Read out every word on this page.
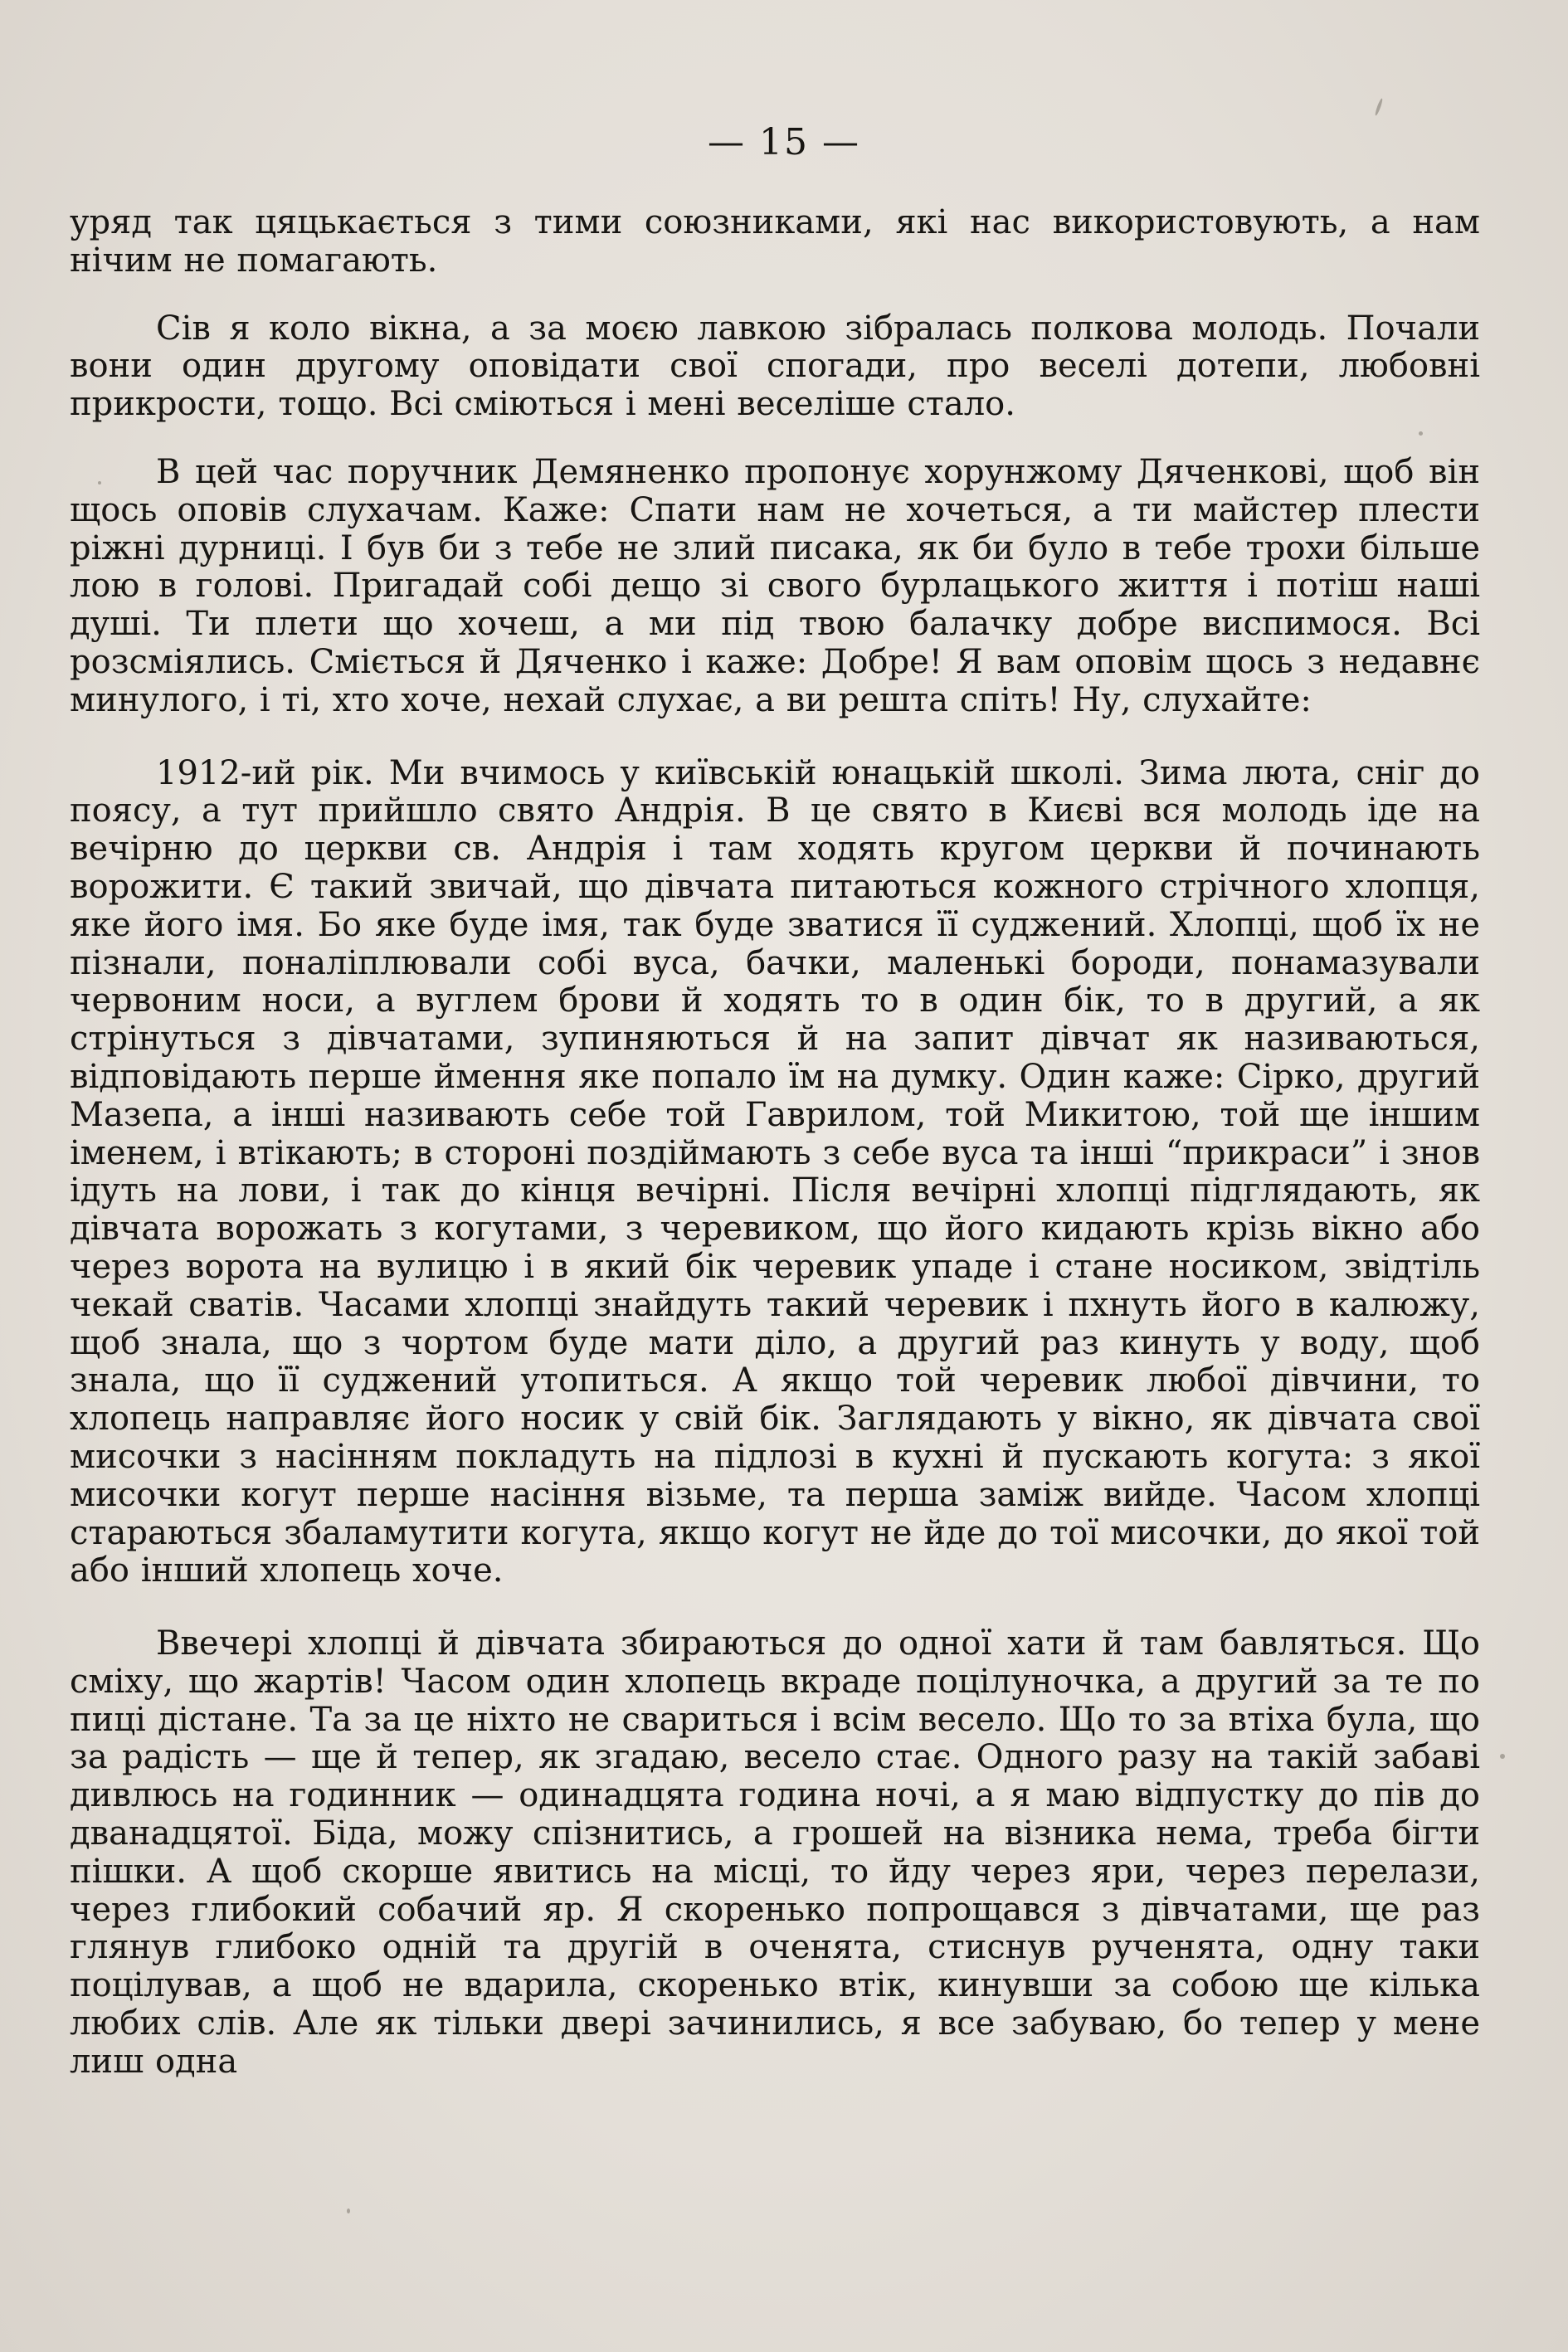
— 15 —

уряд так цяцькається з тими союзниками, які нас використовують, а нам нічим не помагають.

Сів я коло вікна, а за моєю лавкою зібралась полкова молодь. Почали вони один другому оповідати свої спогади, про веселі дотепи, любовні прикрости, тощо. Всі сміються і мені веселіше стало.

В цей час поручник Демяненко пропонує хорунжому Дяченкові, щоб він щось оповів слухачам. Каже: Спати нам не хочеться, а ти майстер плести ріжні дурниці. І був би з тебе не злий писака, як би було в тебе трохи більше лою в голові. Пригадай собі дещо зі свого бурлацького життя і потіш наші душі. Ти плети що хочеш, а ми під твою балачку добре виспимося. Всі розсміялись. Сміється й Дяченко і каже: Добре! Я вам оповім щось з недавнє минулого, і ті, хто хоче, нехай слухає, а ви решта спіть! Ну, слухайте:

1912-ий рік. Ми вчимось у київській юнацькій школі. Зима люта, сніг до поясу, а тут прийшло свято Андрія. В це свято в Києві вся молодь іде на вечірню до церкви св. Андрія і там ходять кругом церкви й починають ворожити. Є такий звичай, що дівчата питаються кожного стрічного хлопця, яке його імя. Бо яке буде імя, так буде зватися її суджений. Хлопці, щоб їх не пізнали, поналіплювали собі вуса, бачки, маленькі бороди, понамазували червоним носи, а вуглем брови й ходять то в один бік, то в другий, а як стрінуться з дівчатами, зупиняються й на запит дівчат як називаються, відповідають перше ймення яке попало їм на думку. Один каже: Сірко, другий Мазепа, а інші називають себе той Гаврилом, той Микитою, той ще іншим іменем, і втікають; в стороні поздіймають з себе вуса та інші “прикраси” і знов ідуть на лови, і так до кінця вечірні. Після вечірні хлопці підглядають, як дівчата ворожать з когутами, з черевиком, що його кидають крізь вікно або через ворота на вулицю і в який бік черевик упаде і стане носиком, звідтіль чекай сватів. Часами хлопці знайдуть такий черевик і пхнуть його в калюжу, щоб знала, що з чортом буде мати діло, а другий раз кинуть у воду, щоб знала, що її суджений утопиться. А якщо той черевик любої дівчини, то хлопець направляє його носик у свій бік. Заглядають у вікно, як дівчата свої мисочки з насінням покладуть на підлозі в кухні й пускають когута: з якої мисочки когут перше насіння візьме, та перша заміж вийде. Часом хлопці стараються збаламутити когута, якщо когут не йде до тої мисочки, до якої той або інший хлопець хоче.

Ввечері хлопці й дівчата збираються до одної хати й там бавляться. Що сміху, що жартів! Часом один хлопець вкраде поцілуночка, а другий за те по пиці дістане. Та за це ніхто не свариться і всім весело. Що то за втіха була, що за радість — ще й тепер, як згадаю, весело стає. Одного разу на такій забаві дивлюсь на годинник — одинадцята година ночі, а я маю відпустку до пів до дванадцятої. Біда, можу спізнитись, а грошей на візника нема, треба бігти пішки. А щоб скорше явитись на місці, то йду через яри, через перелази, через глибокий собачий яр. Я скоренько попрощався з дівчатами, ще раз глянув глибоко одній та другій в оченята, стиснув рученята, одну таки поцілував, а щоб не вдарила, скоренько втік, кинувши за собою ще кілька любих слів. Але як тільки двері зачинились, я все забуваю, бо тепер у мене лиш одна
